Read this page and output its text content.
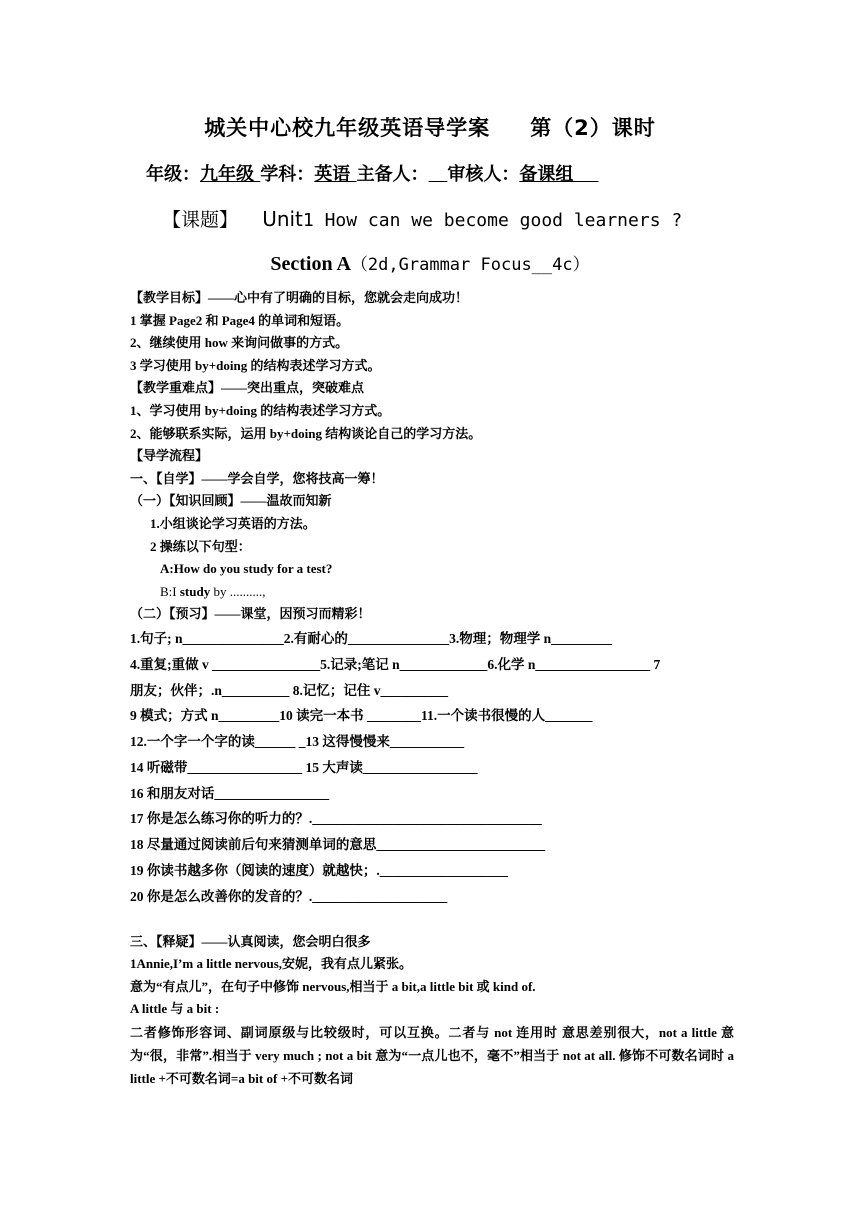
城关中心校九年级英语导学案 第（2）课时
年级：九年级 学科：英语 主备人： 审核人：备课组
【课题】 Unit1 How can we become good learners ?
Section A（2d,Grammar Focus__4c）
【教学目标】——心中有了明确的目标，您就会走向成功！
1 掌握 Page2 和 Page4 的单词和短语。
2、继续使用 how 来询问做事的方式。
3 学习使用 by+doing 的结构表述学习方式。
【教学重难点】——突出重点，突破难点
1、学习使用 by+doing 的结构表述学习方式。
2、能够联系实际，运用 by+doing 结构谈论自己的学习方法。
【导学流程】
一、【自学】——学会自学，您将技高一筹！
（一）【知识回顾】——温故而知新
1.小组谈论学习英语的方法。
2 操练以下句型：
A:How do you study for a test?
B:I study by ..........,
（二）【预习】——课堂，因预习而精彩！
1.句子; n_______________2.有耐心的_______________3.物理；物理学 n_________
4.重复;重做 v ________________5.记录;笔记 n_____________6.化学 n_________________ 7
朋友；伙伴；.n__________ 8.记忆；记住 v__________
9 模式；方式 n_________10 读完一本书 ________11.一个读书很慢的人_______
12.一个字一个字的读______ _13 这得慢慢来___________
14 听磁带_________________ 15 大声读_________________
16 和朋友对话_________________
17 你是怎么练习你的听力的？.__________________________________
18 尽量通过阅读前后句来猜测单词的意思_________________________
19 你读书越多你（阅读的速度）就越快；.___________________
20 你是怎么改善你的发音的？.____________________
三、【释疑】——认真阅读，您会明白很多
1Annie,I’m a little nervous,安妮，我有点儿紧张。
意为“有点儿”，在句子中修饰 nervous,相当于 a bit,a little bit 或 kind of.
A little 与 a bit :
二者修饰形容词、副词原级与比较级时，可以互换。二者与 not 连用时 意思差别很大，not a little 意为“很，非常”.相当于 very much ; not a bit 意为“一点儿也不，毫不”相当于 not at all. 修饰不可数名词时 a little +不可数名词=a bit of +不可数名词
